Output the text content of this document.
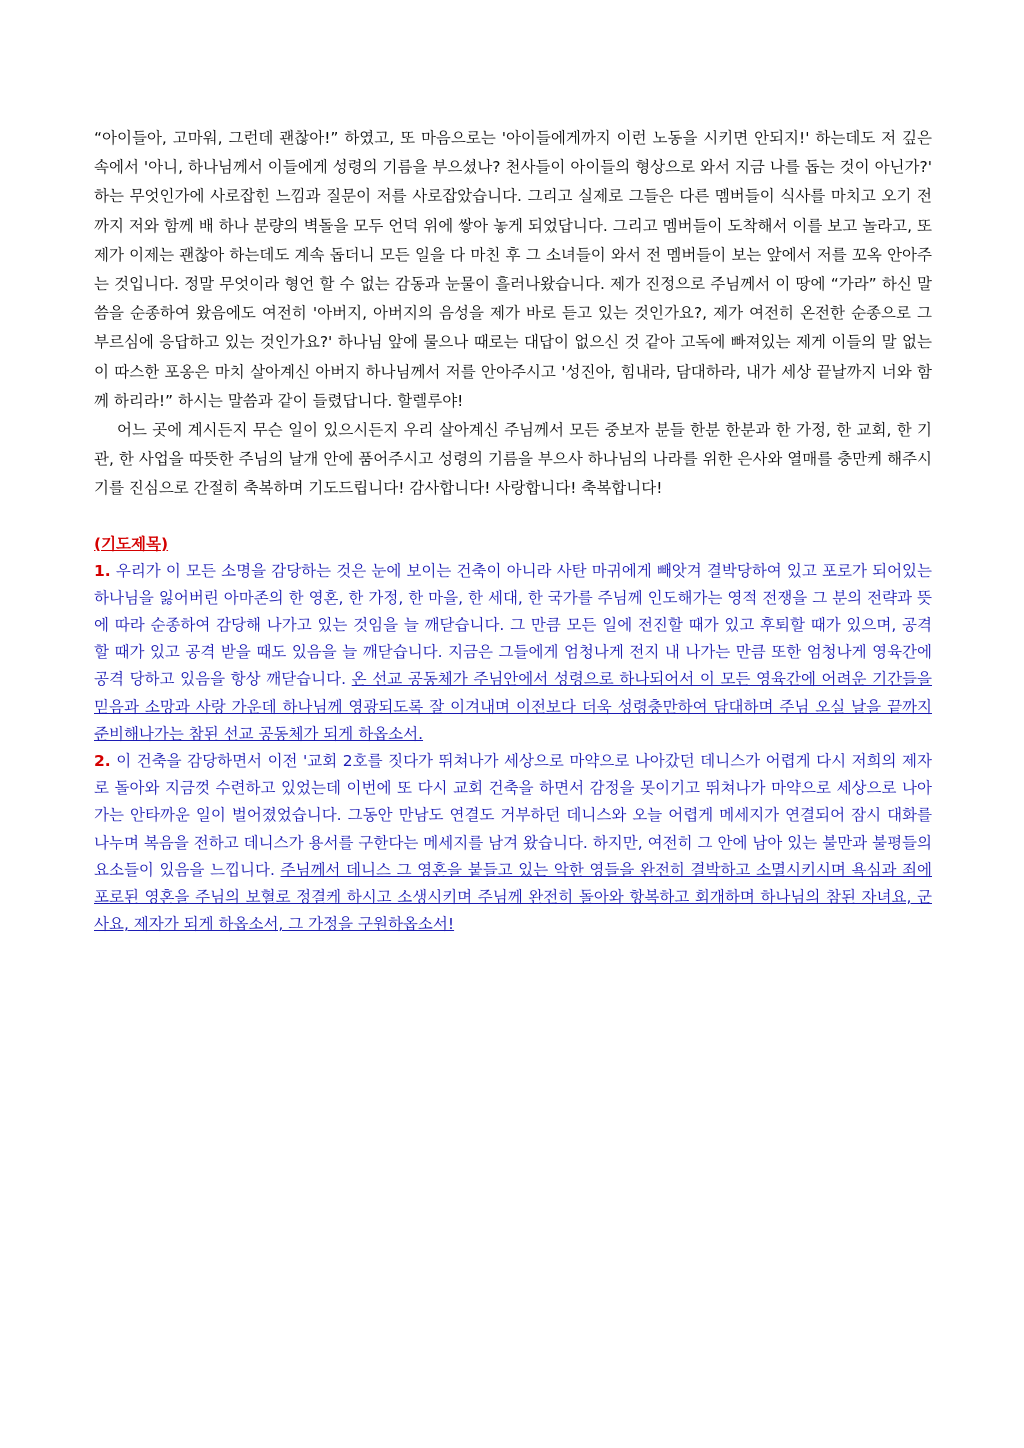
“아이들아, 고마워, 그런데 괜찮아!” 하였고, 또 마음으로는 '아이들에게까지 이런 노동을 시키면 안되지!' 하는데도 저 깊은 속에서 '아니, 하나님께서 이들에게 성령의 기름을 부으셨나? 천사들이 아이들의 형상으로 와서 지금 나를 돕는 것이 아닌가?' 하는 무엇인가에 사로잡힌 느낌과 질문이 저를 사로잡았습니다. 그리고 실제로 그들은 다른 멤버들이 식사를 마치고 오기 전까지 저와 함께 배 하나 분량의 벽돌을 모두 언덕 위에 쌓아 놓게 되었답니다. 그리고 멤버들이 도착해서 이를 보고 놀라고, 또 제가 이제는 괜찮아 하는데도 계속 돕더니 모든 일을 다 마친 후 그 소녀들이 와서 전 멤버들이 보는 앞에서 저를 꼬옥 안아주는 것입니다. 정말 무엇이라 형언 할 수 없는 감동과 눈물이 흘러나왔습니다. 제가 진정으로 주님께서 이 땅에 “가라” 하신 말씀을 순종하여 왔음에도 여전히 '아버지, 아버지의 음성을 제가 바로 듣고 있는 것인가요?, 제가 여전히 온전한 순종으로 그 부르심에 응답하고 있는 것인가요?' 하나님 앞에 물으나 때로는 대답이 없으신 것 같아 고독에 빠져있는 제게 이들의 말 없는 이 따스한 포옹은 마치 살아계신 아버지 하나님께서 저를 안아주시고 '성진아, 힘내라, 담대하라, 내가 세상 끝날까지 너와 함께 하리라!” 하시는 말씀과 같이 들렸답니다. 할렐루야!

어느 곳에 계시든지 무슨 일이 있으시든지 우리 살아계신 주님께서 모든 중보자 분들 한분 한분과 한 가정, 한 교회, 한 기관, 한 사업을 따뜻한 주님의 날개 안에 품어주시고 성령의 기름을 부으사 하나님의 나라를 위한 은사와 열매를 충만케 해주시기를 진심으로 간절히 축복하며 기도드립니다! 감사합니다! 사랑합니다! 축복합니다!

(기도제목)

1. 우리가 이 모든 소명을 감당하는 것은 눈에 보이는 건축이 아니라 사탄 마귀에게 빼앗겨 결박당하여 있고 포로가 되어있는 하나님을 잃어버린 아마존의 한 영혼, 한 가정, 한 마을, 한 세대, 한 국가를 주님께 인도해가는 영적 전쟁을 그 분의 전략과 뜻에 따라 순종하여 감당해 나가고 있는 것임을 늘 깨닫습니다. 그 만큼 모든 일에 전진할 때가 있고 후퇴할 때가 있으며, 공격 할 때가 있고 공격 받을 때도 있음을 늘 깨닫습니다. 지금은 그들에게 엄청나게 전지 내 나가는 만큼 또한 엄청나게 영육간에 공격 당하고 있음을 항상 깨닫습니다. 온 선교 공동체가 주님안에서 성령으로 하나되어서 이 모든 영육간에 어려운 기간들을 믿음과 소망과 사랑 가운데 하나님께 영광되도록 잘 이겨내며 이전보다 더욱 성령충만하여 담대하며 주님 오실 날을 끝까지 준비해나가는 참된 선교 공동체가 되게 하옵소서.

2. 이 건축을 감당하면서 이전 '교회 2호를 짓다가 뛰쳐나가 세상으로 마약으로 나아갔던 데니스가 어렵게 다시 저희의 제자로 돌아와 지금껏 수련하고 있었는데 이번에 또 다시 교회 건축을 하면서 감정을 못이기고 뛰쳐나가 마약으로 세상으로 나아가는 안타까운 일이 벌어졌었습니다. 그동안 만남도 연결도 거부하던 데니스와 오늘 어렵게 메세지가 연결되어 잠시 대화를 나누며 복음을 전하고 데니스가 용서를 구한다는 메세지를 남겨 왔습니다. 하지만, 여전히 그 안에 남아 있는 불만과 불평들의 요소들이 있음을 느낍니다. 주님께서 데니스 그 영혼을 붙들고 있는 악한 영들을 완전히 결박하고 소멸시키시며 욕심과 죄에 포로된 영혼을 주님의 보혈로 정결케 하시고 소생시키며 주님께 완전히 돌아와 항복하고 회개하며 하나님의 참된 자녀요, 군사요, 제자가 되게 하옵소서, 그 가정을 구원하옵소서!
